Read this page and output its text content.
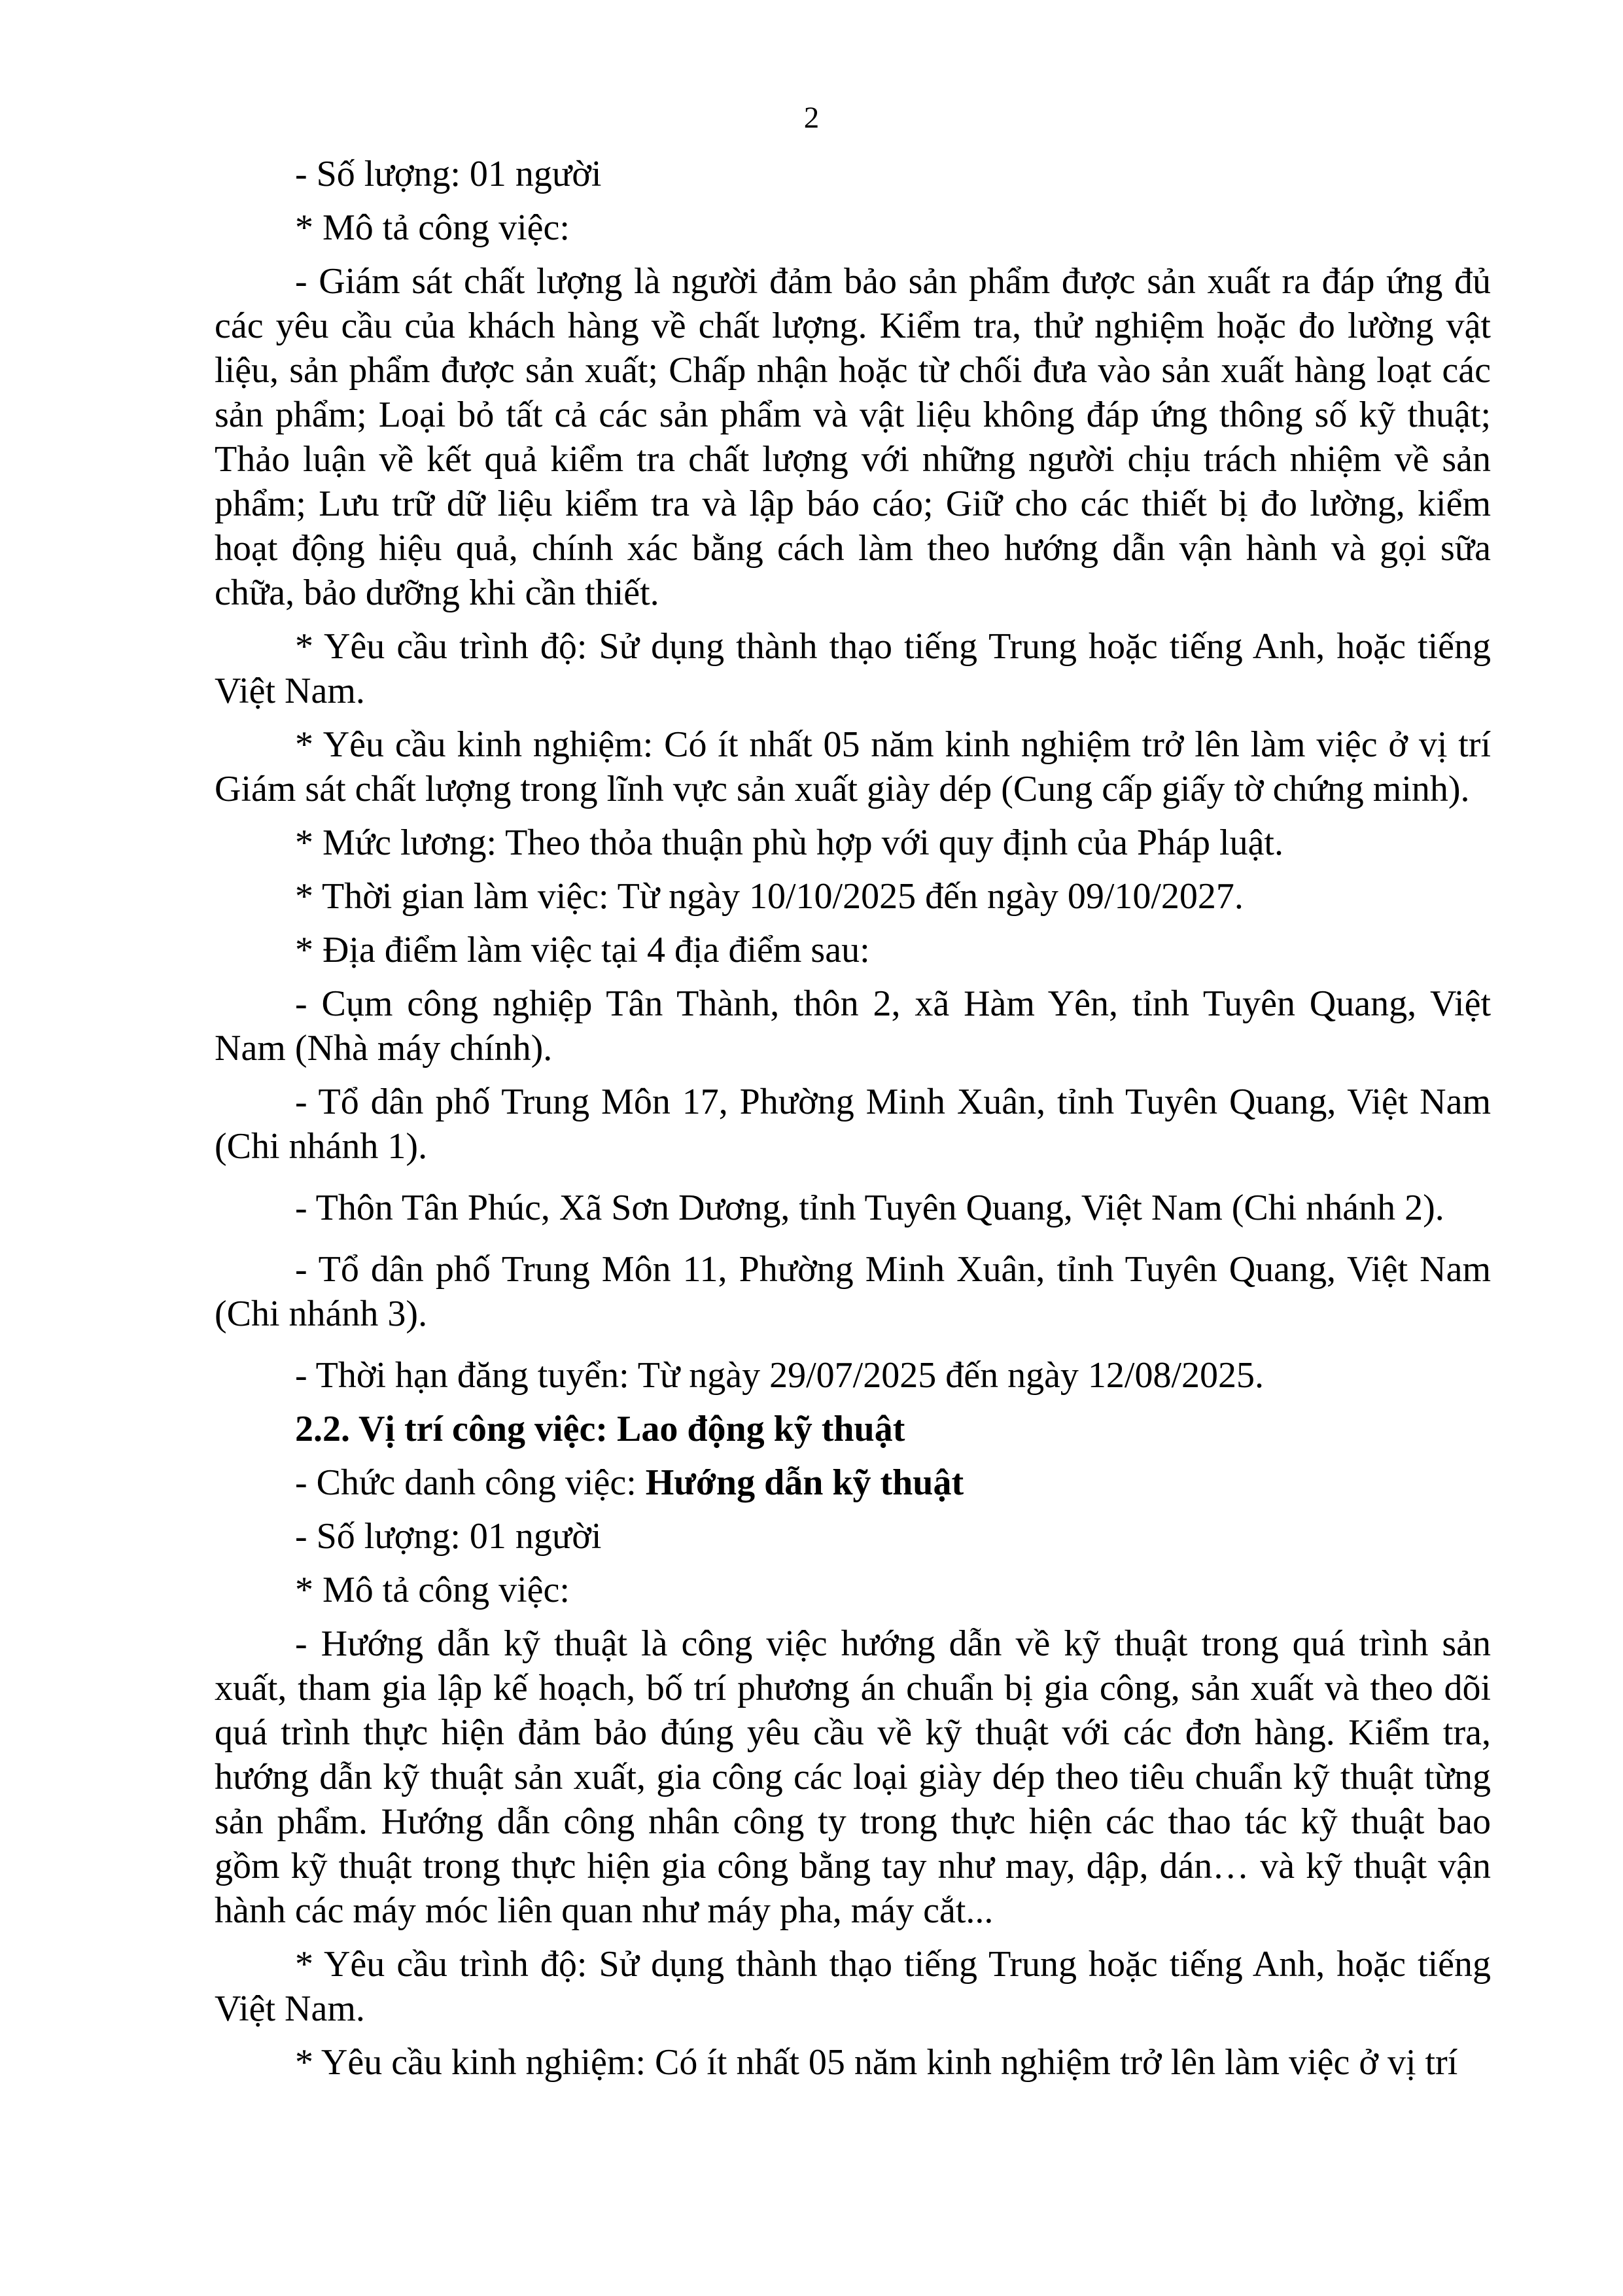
2

- Số lượng: 01 người

* Mô tả công việc:

- Giám sát chất lượng là người đảm bảo sản phẩm được sản xuất ra đáp ứng đủ các yêu cầu của khách hàng về chất lượng. Kiểm tra, thử nghiệm hoặc đo lường vật liệu, sản phẩm được sản xuất; Chấp nhận hoặc từ chối đưa vào sản xuất hàng loạt các sản phẩm; Loại bỏ tất cả các sản phẩm và vật liệu không đáp ứng thông số kỹ thuật; Thảo luận về kết quả kiểm tra chất lượng với những người chịu trách nhiệm về sản phẩm; Lưu trữ dữ liệu kiểm tra và lập báo cáo; Giữ cho các thiết bị đo lường, kiểm hoạt động hiệu quả, chính xác bằng cách làm theo hướng dẫn vận hành và gọi sữa chữa, bảo dưỡng khi cần thiết.

* Yêu cầu trình độ: Sử dụng thành thạo tiếng Trung hoặc tiếng Anh, hoặc tiếng Việt Nam.

* Yêu cầu kinh nghiệm: Có ít nhất 05 năm kinh nghiệm trở lên làm việc ở vị trí Giám sát chất lượng trong lĩnh vực sản xuất giày dép (Cung cấp giấy tờ chứng minh).

* Mức lương: Theo thỏa thuận phù hợp với quy định của Pháp luật.

* Thời gian làm việc: Từ ngày 10/10/2025 đến ngày 09/10/2027.

* Địa điểm làm việc tại 4 địa điểm sau:

- Cụm công nghiệp Tân Thành, thôn 2, xã Hàm Yên, tỉnh Tuyên Quang, Việt Nam (Nhà máy chính).

- Tổ dân phố Trung Môn 17, Phường Minh Xuân, tỉnh Tuyên Quang, Việt Nam (Chi nhánh 1).

- Thôn Tân Phúc, Xã Sơn Dương, tỉnh Tuyên Quang, Việt Nam (Chi nhánh 2).

- Tổ dân phố Trung Môn 11, Phường Minh Xuân, tỉnh Tuyên Quang, Việt Nam (Chi nhánh 3).

- Thời hạn đăng tuyển: Từ ngày 29/07/2025 đến ngày 12/08/2025.

2.2. Vị trí công việc: Lao động kỹ thuật

- Chức danh công việc: Hướng dẫn kỹ thuật

- Số lượng: 01 người

* Mô tả công việc:

- Hướng dẫn kỹ thuật là công việc hướng dẫn về kỹ thuật trong quá trình sản xuất, tham gia lập kế hoạch, bố trí phương án chuẩn bị gia công, sản xuất và theo dõi quá trình thực hiện đảm bảo đúng yêu cầu về kỹ thuật với các đơn hàng. Kiểm tra, hướng dẫn kỹ thuật sản xuất, gia công các loại giày dép theo tiêu chuẩn kỹ thuật từng sản phẩm. Hướng dẫn công nhân công ty trong thực hiện các thao tác kỹ thuật bao gồm kỹ thuật trong thực hiện gia công bằng tay như may, dập, dán… và kỹ thuật vận hành các máy móc liên quan như máy pha, máy cắt...

* Yêu cầu trình độ: Sử dụng thành thạo tiếng Trung hoặc tiếng Anh, hoặc tiếng Việt Nam.

* Yêu cầu kinh nghiệm: Có ít nhất 05 năm kinh nghiệm trở lên làm việc ở vị trí
